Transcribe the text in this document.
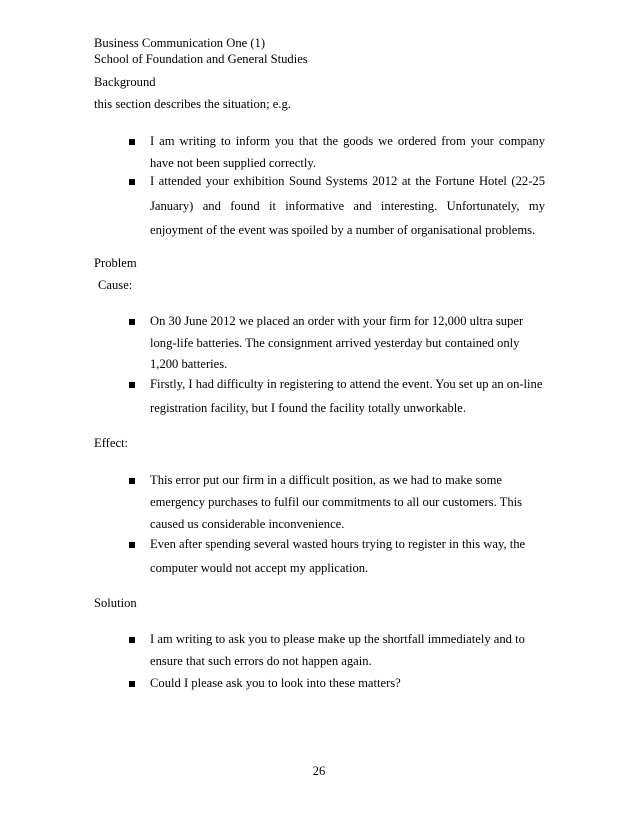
Business Communication One (1)
School of Foundation and General Studies
Background
this section describes the situation; e.g.
I am writing to inform you that the goods we ordered from your company
have not been supplied correctly.
I attended your exhibition Sound Systems 2012 at the Fortune Hotel (22-25
January) and found it informative and interesting. Unfortunately, my
enjoyment of the event was spoiled by a number of organisational problems.
Problem
Cause:
On 30 June 2012 we placed an order with your firm for 12,000 ultra super
long-life batteries. The consignment arrived yesterday but contained only
1,200 batteries.
Firstly, I had difficulty in registering to attend the event. You set up an on-line
registration facility, but I found the facility totally unworkable.
Effect:
This error put our firm in a difficult position, as we had to make some
emergency purchases to fulfil our commitments to all our customers. This
caused us considerable inconvenience.
Even after spending several wasted hours trying to register in this way, the
computer would not accept my application.
Solution
I am writing to ask you to please make up the shortfall immediately and to
ensure that such errors do not happen again.
Could I please ask you to look into these matters?
26
